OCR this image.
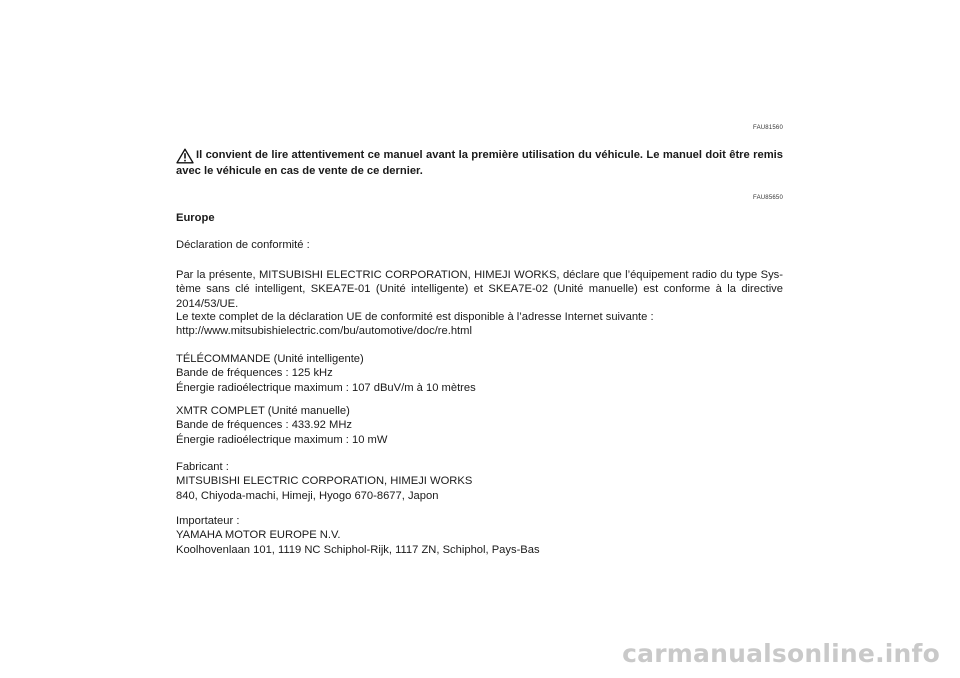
FAU81560
Il convient de lire attentivement ce manuel avant la première utilisation du véhicule. Le manuel doit être remis avec le véhicule en cas de vente de ce dernier.
FAU85650
Europe
Déclaration de conformité :
Par la présente, MITSUBISHI ELECTRIC CORPORATION, HIMEJI WORKS, déclare que l’équipement radio du type Sys-
tème sans clé intelligent, SKEA7E-01 (Unité intelligente) et SKEA7E-02 (Unité manuelle) est conforme à la directive
2014/53/UE.
Le texte complet de la déclaration UE de conformité est disponible à l’adresse Internet suivante :
http://www.mitsubishielectric.com/bu/automotive/doc/re.html
TÉLÉCOMMANDE (Unité intelligente)
Bande de fréquences : 125 kHz
Énergie radioélectrique maximum : 107 dBuV/m à 10 mètres
XMTR COMPLET (Unité manuelle)
Bande de fréquences : 433.92 MHz
Énergie radioélectrique maximum : 10 mW
Fabricant :
MITSUBISHI ELECTRIC CORPORATION, HIMEJI WORKS
840, Chiyoda-machi, Himeji, Hyogo 670-8677, Japon
Importateur :
YAMAHA MOTOR EUROPE N.V.
Koolhovenlaan 101, 1119 NC Schiphol-Rijk, 1117 ZN, Schiphol, Pays-Bas
carmanualsonline.info
